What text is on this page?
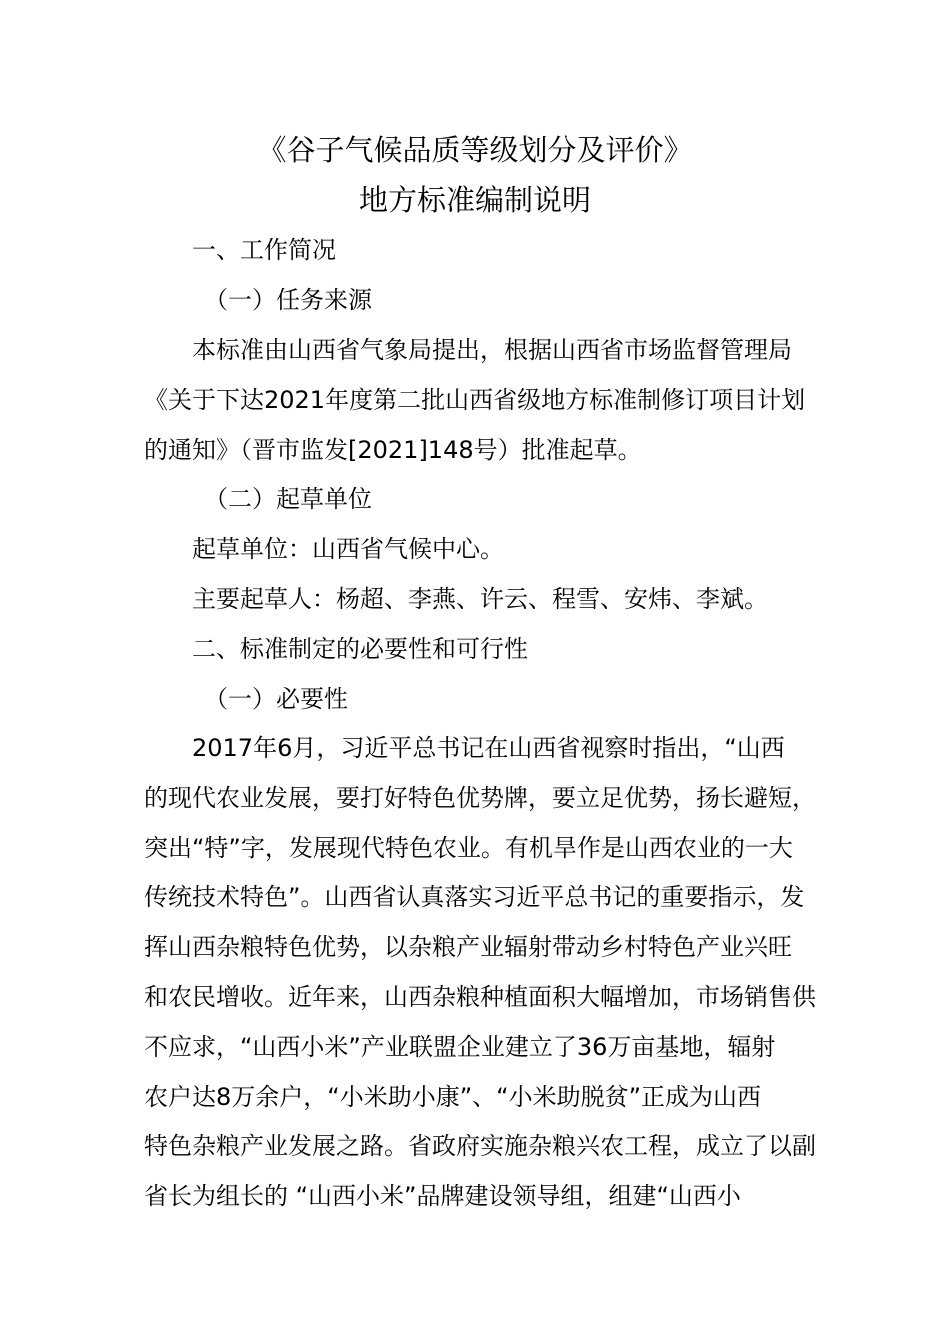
《谷子气候品质等级划分及评价》
地方标准编制说明
一、工作简况
（一）任务来源
本标准由山西省气象局提出，根据山西省市场监督管理局
《关于下达2021年度第二批山西省级地方标准制修订项目计划
的通知》（晋市监发[2021]148号）批准起草。
（二）起草单位
起草单位：山西省气候中心。
主要起草人：杨超、李燕、许云、程雪、安炜、李斌。
二、标准制定的必要性和可行性
（一）必要性
2017年6月，习近平总书记在山西省视察时指出，“山西
的现代农业发展，要打好特色优势牌，要立足优势，扬长避短，
突出“特”字，发展现代特色农业。有机旱作是山西农业的一大
传统技术特色”。山西省认真落实习近平总书记的重要指示，发
挥山西杂粮特色优势，以杂粮产业辐射带动乡村特色产业兴旺
和农民增收。近年来，山西杂粮种植面积大幅增加，市场销售供
不应求，“山西小米”产业联盟企业建立了36万亩基地，辐射
农户达8万余户，“小米助小康”、“小米助脱贫”正成为山西
特色杂粮产业发展之路。省政府实施杂粮兴农工程，成立了以副
省长为组长的 “山西小米”品牌建设领导组，组建“山西小
